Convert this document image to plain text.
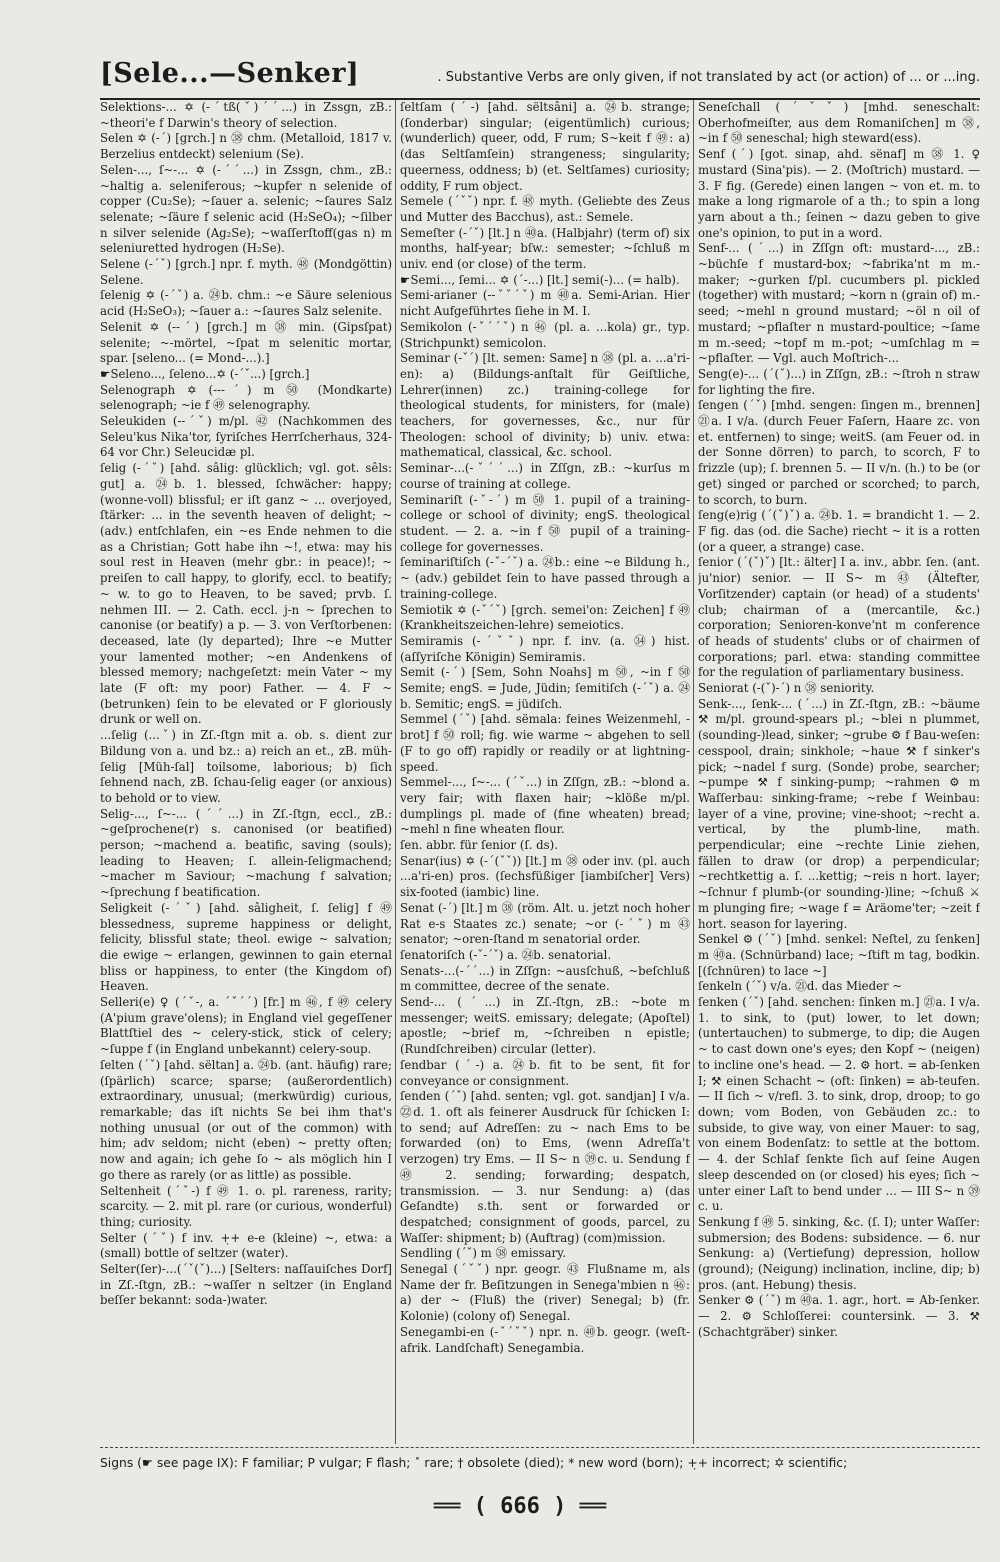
[Sele...—Senker]	. Substantive Verbs are only given, if not translated by act (or action) of ... or ...ing.
Selektions-... ✡ (-ˊtß(ˇ)ˊˊ...) in Zssgn, zB.: ~theori'e f Darwin's theory of selection.
Selen ✡ (-ˊ) [grch.] n ㊳ chm. (Metalloid, 1817 v. Berzelius entdeckt) selenium (Se).
Selen-..., ſ~-... ✡ (-ˊˊ...) in Zssgn, chm., zB.: ~haltig a. seleniferous; ~kupfer n selenide of copper (Cu₂Se); ~ſauer a. selenic; ~ſaures Salz selenate; ~ſäure f selenic acid (H₂SeO₄); ~ſilber n silver selenide (Ag₂Se); ~waſſerſtoff(gas n) m seleniuretted hydrogen (H₂Se).
Selene (-ˊˇ) [grch.] npr. f. myth. ㊽ (Mondgöttin) Selene.
ſelenig ✡ (-ˊˇ) a. ㉔b. chm.: ~e Säure selenious acid (H₂SeO₃); ~ſauer a.: ~ſaures Salz selenite.
Selenit ✡ (--ˊ) [grch.] m ㊳ min. (Gipsſpat) selenite; ~-mörtel, ~ſpat m selenitic mortar, spar. [seleno... (= Mond-...).]
☛Seleno..., ſeleno...✡ (-ˊˇ...) [grch.]
Selenograph ✡ (---ˊ) m ㊿ (Mondkarte) selenograph; ~ie f ㊾ selenography.
Seleukiden (--ˊˇ) m/pl. ㊷ (Nachkommen des Seleu'kus Nika'tor, ſyriſches Herrſcherhaus, 324-64 vor Chr.) Seleucidæ pl.
ſelig (-ˊˇ) [ahd. sâlig: glücklich; vgl. got. sêls: gut] a. ㉔b. 1. blessed, ſchwächer: happy; (wonne-voll) blissful; er iſt ganz ~ ... overjoyed, ſtärker: ... in the seventh heaven of delight; ~ (adv.) entſchlafen, ein ~es Ende nehmen to die as a Christian; Gott habe ihn ~!, etwa: may his soul rest in Heaven (mehr gbr.: in peace)!; ~ preiſen to call happy, to glorify, eccl. to beatify; ~ w. to go to Heaven, to be saved; prvb. ſ. nehmen III. — 2. Cath. eccl. j-n ~ ſprechen to canonise (or beatify) a p. — 3. von Verſtorbenen: deceased, late (ly departed); Ihre ~e Mutter your lamented mother; ~en Andenkens of blessed memory; nachgeſetzt: mein Vater ~ my late (F oft: my poor) Father. — 4. F ~ (betrunken) ſein to be elevated or F gloriously drunk or well on.
...ſelig (...ˇ) in Zſ.-ſtgn mit a. ob. s. dient zur Bildung von a. und bz.: a) reich an et., zB. müh-ſelig [Müh-ſal] toilsome, laborious; b) ſich ſehnend nach, zB. ſchau-ſelig eager (or anxious) to behold or to view.
Selig-..., ſ~-... (ˊˊ...) in Zſ.-ſtgn, eccl., zB.: ~geſprochene(r) s. canonised (or beatified) person; ~machend a. beatific, saving (souls); leading to Heaven; ſ. allein-ſeligmachend; ~macher m Saviour; ~machung f salvation; ~ſprechung f beatification.
Seligkeit (-ˊˇ) [ahd. sâligheit, ſ. ſelig] f ㊾ blessedness, supreme happiness or delight, felicity, blissful state; theol. ewige ~ salvation; die ewige ~ erlangen, gewinnen to gain eternal bliss or happiness, to enter (the Kingdom of) Heaven.
Selleri(e) ♀ (ˊˇ-, a. ˊˇˊˊ) [fr.] m ㊻, f ㊾ celery (A'pium grave'olens); in England viel gegeſſener Blattſtiel des ~ celery-stick, stick of celery; ~ſuppe f (in England unbekannt) celery-soup.
ſelten (ˊˇ) [ahd. sëltan] a. ㉔b. (ant. häufig) rare; (ſpärlich) scarce; sparse; (außerordentlich) extraordinary, unusual; (merkwürdig) curious, remarkable; das iſt nichts Se bei ihm that's nothing unusual (or out of the common) with him; adv seldom; nicht (eben) ~ pretty often; now and again; ich gehe ſo ~ als möglich hin I go there as rarely (or as little) as possible.
Seltenheit (ˊˇ-) f ㊾ 1. o. pl. rareness, rarity; scarcity. — 2. mit pl. rare (or curious, wonderful) thing; curiosity.
Selter (ˊˇ) f inv. +̣+ e-e (kleine) ~, etwa: a (small) bottle of seltzer (water).
Selter(ſer)-...(ˊˇ(ˇ)...) [Selters: naſſauiſches Dorf] in Zſ.-ſtgn, zB.: ~waſſer n seltzer (in England beſſer bekannt: soda-)water.
ſeltſam (ˊ-) [ahd. sëltsâni] a. ㉔b. strange; (ſonderbar) singular; (eigentümlich) curious; (wunderlich) queer, odd, F rum; S~keit f ㊾: a) (das Seltſamſein) strangeness; singularity; queerness, oddness; b) (et. Seltſames) curiosity; oddity, F rum object.
Semele (ˊˇˇ) npr. f. ㊽ myth. (Geliebte des Zeus und Mutter des Bacchus), ast.: Semele.
Semeſter (-ˊˇ) [lt.] n ㊵a. (Halbjahr) (term of) six months, half-year; bſw.: semester; ~ſchluß m univ. end (or close) of the term.
☛Semi..., ſemi... ✡ (ˊ-...) [lt.] semi(-)... (= halb).
Semi-arianer (--ˇˇˊˇ) m ㊵a. Semi-Arian. Hier nicht Aufgeführtes ſiehe in M. I.
Semikolon (-ˇˊˊˇ) n ㊻ (pl. a. ...kola) gr., typ. (Strichpunkt) semicolon.
Seminar (-ˇˊ) [lt. semen: Same] n ㊳ (pl. a. ...a'ri-en): a) (Bildungs-anſtalt für Geiſtliche, Lehrer(innen) zc.) training-college for theological students, for ministers, for (male) teachers, for governesses, &c., nur für Theologen: school of divinity; b) univ. etwa: mathematical, classical, &c. school.
Seminar-...(-ˇˊˊ...) in Zſſgn, zB.: ~kurſus m course of training at college.
Seminariſt (-ˇ-ˊ) m ㊿ 1. pupil of a training-college or school of divinity; engS. theological student. — 2. a. ~in f ㊿ pupil of a training-college for governesses.
ſeminariſtiſch (-ˇ-ˊˇ) a. ㉔b.: eine ~e Bildung h., ~ (adv.) gebildet ſein to have passed through a training-college.
Semiotik ✡ (-ˇˊˇ) [grch. semei'on: Zeichen] f ㊾ (Krankheitszeichen-lehre) semeiotics.
Semiramis (-ˊˇˇ) npr. f. inv. (a. ㉞) hist. (aſſyriſche Königin) Semiramis.
Semit (-ˊ) [Sem, Sohn Noahs] m ㊿, ~in f ㊿ Semite; engS. = Jude, Jüdin; ſemitiſch (-ˊˇ) a. ㉔b. Semitic; engS. = jüdiſch.
Semmel (ˊˇ) [ahd. sëmala: feines Weizenmehl, -brot] f ㊿ roll; fig. wie warme ~ abgehen to sell (F to go off) rapidly or readily or at lightning-speed.
Semmel-..., ſ~-... (ˊˇ...) in Zſſgn, zB.: ~blond a. very fair; with flaxen hair; ~klöße m/pl. dumplings pl. made of (fine wheaten) bread; ~mehl n fine wheaten flour.
ſen. abbr. für ſenior (ſ. ds).
Senar(ius) ✡ (-ˊ(ˇˇ)) [lt.] m ㊳ oder inv. (pl. auch ...a'ri-en) pros. (ſechsfüßiger [iambiſcher] Vers) six-footed (iambic) line.
Senat (-ˊ) [lt.] m ㊳ (röm. Alt. u. jetzt noch hoher Rat e-s Staates zc.) senate; ~or (-ˊˇ) m ㊸ senator; ~oren-ſtand m senatorial order.
ſenatoriſch (-ˇ-ˊˇ) a. ㉔b. senatorial.
Senats-...(-ˊˊ...) in Zſſgn: ~ausſchuß, ~beſchluß m committee, decree of the senate.
Send-... (ˊ...) in Zſ.-ſtgn, zB.: ~bote m messenger; weitS. emissary; delegate; (Apoſtel) apostle; ~brief m, ~ſchreiben n epistle; (Rundſchreiben) circular (letter).
ſendbar (ˊ-) a. ㉔b. fit to be sent, fit for conveyance or consignment.
ſenden (ˊˇ) [ahd. senten; vgl. got. sandjan] I v/a. ㉒d. 1. oft als feinerer Ausdruck für ſchicken I: to send; auf Adreſſen: zu ~ nach Ems to be forwarded (on) to Ems, (wenn Adreſſa't verzogen) try Ems. — II S~ n ㊴c. u. Sendung f ㊾ 2. sending; forwarding; despatch, transmission. — 3. nur Sendung: a) (das Geſandte) s.th. sent or forwarded or despatched; consignment of goods, parcel, zu Waſſer: shipment; b) (Auftrag) (com)mission.
Sendling (ˊˇ) m ㊳ emissary.
Senegal (ˊˇˇ) npr. geogr. ㊸ Flußname m, als Name der fr. Beſitzungen in Senega'mbien n ㊻: a) der ~ (Fluß) the (river) Senegal; b) (fr. Kolonie) (colony of) Senegal.
Senegambi-en (-ˇˊˇˇ) npr. n. ㊵b. geogr. (weſt-afrik. Landſchaft) Senegambia.
Seneſchall (ˊˇˇ) [mhd. seneschalt: Oberhofmeiſter, aus dem Romaniſchen] m ㊳, ~in f ㊿ seneschal; high steward(ess).
Senf (ˊ) [got. sinap, ahd. sënaf] m ㊳ 1. ♀ mustard (Sina'pis). — 2. (Moſtrich) mustard. — 3. F fig. (Gerede) einen langen ~ von et. m. to make a long rigmarole of a th.; to spin a long yarn about a th.; ſeinen ~ dazu geben to give one's opinion, to put in a word.
Senf-... (ˊ...) in Zſſgn oft: mustard-..., zB.: ~büchſe f mustard-box; ~fabrika'nt m m.-maker; ~gurken f/pl. cucumbers pl. pickled (together) with mustard; ~korn n (grain of) m.-seed; ~mehl n ground mustard; ~öl n oil of mustard; ~pflaſter n mustard-poultice; ~ſame m m.-seed; ~topf m m.-pot; ~umſchlag m = ~pflaſter. — Vgl. auch Moſtrich-...
Seng(e)-... (ˊ(ˇ)...) in Zſſgn, zB.: ~ſtroh n straw for lighting the fire.
ſengen (ˊˇ) [mhd. sengen: ſingen m., brennen] ㉑a. I v/a. (durch Feuer Faſern, Haare zc. von et. entfernen) to singe; weitS. (am Feuer od. in der Sonne dörren) to parch, to scorch, F to frizzle (up); ſ. brennen 5. — II v/n. (h.) to be (or get) singed or parched or scorched; to parch, to scorch, to burn.
ſeng(e)rig (ˊ(ˇ)ˇ) a. ㉔b. 1. = brandicht 1. — 2. F fig. das (od. die Sache) riecht ~ it is a rotten (or a queer, a strange) case.
ſenior (ˊ(ˇ)ˇ) [lt.: älter] I a. inv., abbr. ſen. (ant. ju'nior) senior. — II S~ m ㊸ (Ältefter, Vorſitzender) captain (or head) of a students' club; chairman of a (mercantile, &c.) corporation; Senioren-konve'nt m conference of heads of students' clubs or of chairmen of corporations; parl. etwa: standing committee for the regulation of parliamentary business.
Seniorat (-(ˇ)-ˊ) n ㊳ seniority.
Senk-..., ſenk-... (ˊ...) in Zſ.-ſtgn, zB.: ~bäume ⚒ m/pl. ground-spears pl.; ~blei n plummet, (sounding-)lead, sinker; ~grube ⚙ f Bau-weſen: cesspool, drain; sinkhole; ~haue ⚒ f sinker's pick; ~nadel f surg. (Sonde) probe, searcher; ~pumpe ⚒ f sinking-pump; ~rahmen ⚙ m Waſſerbau: sinking-frame; ~rebe f Weinbau: layer of a vine, provine; vine-shoot; ~recht a. vertical, by the plumb-line, math. perpendicular; eine ~rechte Linie ziehen, fällen to draw (or drop) a perpendicular; ~rechtkettig a. ſ. ...kettig; ~reis n hort. layer; ~ſchnur f plumb-(or sounding-)line; ~ſchuß ⚔ m plunging fire; ~wage f = Aräome'ter; ~zeit f hort. season for layering.
Senkel ⚙ (ˊˇ) [mhd. senkel: Neſtel, zu ſenken] m ㊵a. (Schnürband) lace; ~ſtift m tag, bodkin. [(ſchnüren) to lace ~]
ſenkeln (ˊˇ) v/a. ㉑d. das Mieder ~
ſenken (ˊˇ) [ahd. senchen: ſinken m.] ㉑a. I v/a. 1. to sink, to (put) lower, to let down; (untertauchen) to submerge, to dip; die Augen ~ to cast down one's eyes; den Kopf ~ (neigen) to incline one's head. — 2. ⚙ hort. = ab-ſenken I; ⚒ einen Schacht ~ (oft: ſinken) = ab-teufen. — II ſich ~ v/refl. 3. to sink, drop, droop; to go down; vom Boden, von Gebäuden zc.: to subside, to give way, von einer Mauer: to sag, von einem Bodenſatz: to settle at the bottom. — 4. der Schlaf ſenkte ſich auf ſeine Augen sleep descended on (or closed) his eyes; ſich ~ unter einer Laſt to bend under ... — III S~ n ㊴c. u.
Senkung f ㊾ 5. sinking, &c. (ſ. I); unter Waſſer: submersion; des Bodens: subsidence. — 6. nur Senkung: a) (Vertiefung) depression, hollow (ground); (Neigung) inclination, incline, dip; b) pros. (ant. Hebung) thesis.
Senker ⚙ (ˊˇ) m ㊵a. 1. agr., hort. = Ab-ſenker. — 2. ⚙ Schloſſerei: countersink. — 3. ⚒ (Schachtgräber) sinker.
Signs (☛ see page IX): F familiar; P vulgar; F flash; ˟ rare; † obsolete (died); * new word (born); +̣+ incorrect; ✡ scientific;
══ ( 666 ) ══
